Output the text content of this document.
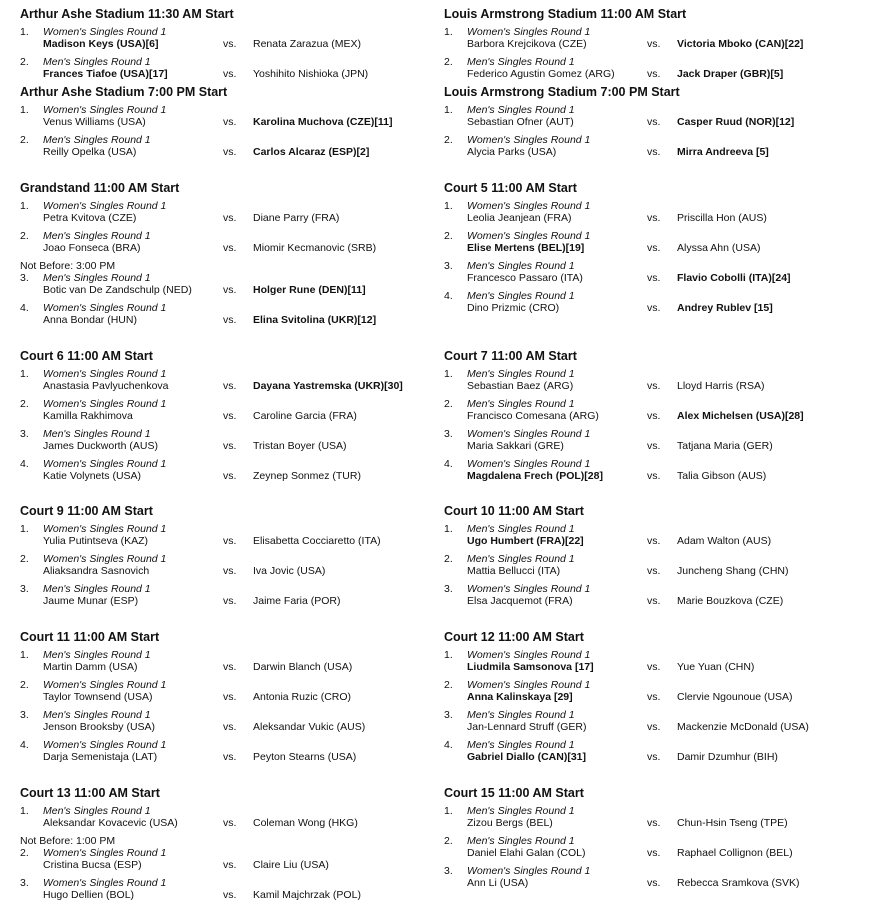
Arthur Ashe Stadium 11:30 AM Start
1. Women's Singles Round 1
Madison Keys (USA)[6]	vs. Renata Zarazua (MEX)
2. Men's Singles Round 1
Frances Tiafoe (USA)[17]	vs. Yoshihito Nishioka (JPN)
Arthur Ashe Stadium 7:00 PM Start
1. Women's Singles Round 1
Venus Williams (USA)	vs. Karolina Muchova (CZE)[11]
2. Men's Singles Round 1
Reilly Opelka (USA)	vs. Carlos Alcaraz (ESP)[2]
Grandstand 11:00 AM Start
1. Women's Singles Round 1
Petra Kvitova (CZE)	vs. Diane Parry (FRA)
2. Men's Singles Round 1
Joao Fonseca (BRA)	vs. Miomir Kecmanovic (SRB)
Not Before: 3:00 PM
3. Men's Singles Round 1
Botic van De Zandschulp (NED)	vs. Holger Rune (DEN)[11]
4. Women's Singles Round 1
Anna Bondar (HUN)	vs. Elina Svitolina (UKR)[12]
Court 6 11:00 AM Start
1. Women's Singles Round 1
Anastasia Pavlyuchenkova	vs. Dayana Yastremska (UKR)[30]
2. Women's Singles Round 1
Kamilla Rakhimova	vs. Caroline Garcia (FRA)
3. Men's Singles Round 1
James Duckworth (AUS)	vs. Tristan Boyer (USA)
4. Women's Singles Round 1
Katie Volynets (USA)	vs. Zeynep Sonmez (TUR)
Court 9 11:00 AM Start
1. Women's Singles Round 1
Yulia Putintseva (KAZ)	vs. Elisabetta Cocciaretto (ITA)
2. Women's Singles Round 1
Aliaksandra Sasnovich	vs. Iva Jovic (USA)
3. Men's Singles Round 1
Jaume Munar (ESP)	vs. Jaime Faria (POR)
Court 11 11:00 AM Start
1. Men's Singles Round 1
Martin Damm (USA)	vs. Darwin Blanch (USA)
2. Women's Singles Round 1
Taylor Townsend (USA)	vs. Antonia Ruzic (CRO)
3. Men's Singles Round 1
Jenson Brooksby (USA)	vs. Aleksandar Vukic (AUS)
4. Women's Singles Round 1
Darja Semenistaja (LAT)	vs. Peyton Stearns (USA)
Court 13 11:00 AM Start
1. Men's Singles Round 1
Aleksandar Kovacevic (USA)	vs. Coleman Wong (HKG)
Not Before: 1:00 PM
2. Women's Singles Round 1
Cristina Bucsa (ESP)	vs. Claire Liu (USA)
3. Women's Singles Round 1
Hugo Dellien (BOL)	vs. Kamil Majchrzak (POL)
Louis Armstrong Stadium 11:00 AM Start
1. Women's Singles Round 1
Barbora Krejcikova (CZE)	vs. Victoria Mboko (CAN)[22]
2. Men's Singles Round 1
Federico Agustin Gomez (ARG)	vs. Jack Draper (GBR)[5]
Louis Armstrong Stadium 7:00 PM Start
1. Men's Singles Round 1
Sebastian Ofner (AUT)	vs. Casper Ruud (NOR)[12]
2. Women's Singles Round 1
Alycia Parks (USA)	vs. Mirra Andreeva [5]
Court 5 11:00 AM Start
1. Women's Singles Round 1
Leolia Jeanjean (FRA)	vs. Priscilla Hon (AUS)
2. Women's Singles Round 1
Elise Mertens (BEL)[19]	vs. Alyssa Ahn (USA)
3. Men's Singles Round 1
Francesco Passaro (ITA)	vs. Flavio Cobolli (ITA)[24]
4. Men's Singles Round 1
Dino Prizmic (CRO)	vs. Andrey Rublev [15]
Court 7 11:00 AM Start
1. Men's Singles Round 1
Sebastian Baez (ARG)	vs. Lloyd Harris (RSA)
2. Men's Singles Round 1
Francisco Comesana (ARG)	vs. Alex Michelsen (USA)[28]
3. Women's Singles Round 1
Maria Sakkari (GRE)	vs. Tatjana Maria (GER)
4. Women's Singles Round 1
Magdalena Frech (POL)[28]	vs. Talia Gibson (AUS)
Court 10 11:00 AM Start
1. Men's Singles Round 1
Ugo Humbert (FRA)[22]	vs. Adam Walton (AUS)
2. Men's Singles Round 1
Mattia Bellucci (ITA)	vs. Juncheng Shang (CHN)
3. Women's Singles Round 1
Elsa Jacquemot (FRA)	vs. Marie Bouzkova (CZE)
Court 12 11:00 AM Start
1. Women's Singles Round 1
Liudmila Samsonova [17]	vs. Yue Yuan (CHN)
2. Women's Singles Round 1
Anna Kalinskaya [29]	vs. Clervie Ngounoue (USA)
3. Men's Singles Round 1
Jan-Lennard Struff (GER)	vs. Mackenzie McDonald (USA)
4. Men's Singles Round 1
Gabriel Diallo (CAN)[31]	vs. Damir Dzumhur (BIH)
Court 15 11:00 AM Start
1. Men's Singles Round 1
Zizou Bergs (BEL)	vs. Chun-Hsin Tseng (TPE)
2. Men's Singles Round 1
Daniel Elahi Galan (COL)	vs. Raphael Collignon (BEL)
3. Women's Singles Round 1
Ann Li (USA)	vs. Rebecca Sramkova (SVK)
